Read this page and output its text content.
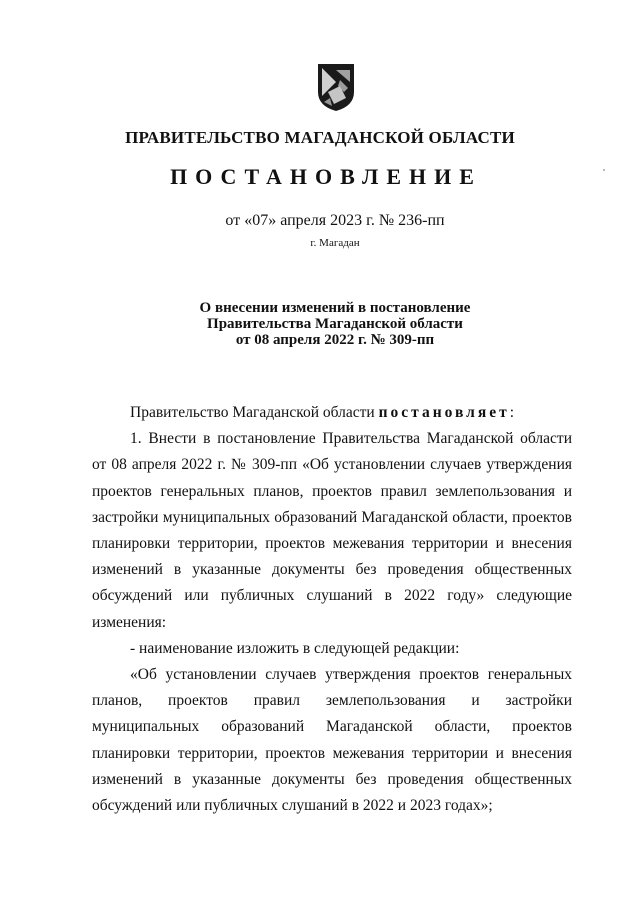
ПРАВИТЕЛЬСТВО МАГАДАНСКОЙ ОБЛАСТИ
ПОСТАНОВЛЕНИЕ
от «07» апреля 2023 г. № 236-пп
г. Магадан
О внесении изменений в постановление
Правительства Магаданской области
от 08 апреля 2022 г. № 309-пп
Правительство Магаданской области постановляет:
1. Внести в постановление Правительства Магаданской области от 08 апреля 2022 г. № 309-пп «Об установлении случаев утверждения проектов генеральных планов, проектов правил землепользования и застройки муниципальных образований Магаданской области, проектов планировки территории, проектов межевания территории и внесения изменений в указанные документы без проведения общественных обсуждений или публичных слушаний в 2022 году» следующие изменения:
- наименование изложить в следующей редакции:
«Об установлении случаев утверждения проектов генеральных планов, проектов правил землепользования и застройки муниципальных образований Магаданской области, проектов планировки территории, проектов межевания территории и внесения изменений в указанные документы без проведения общественных обсуждений или публичных слушаний в 2022 и 2023 годах»;
